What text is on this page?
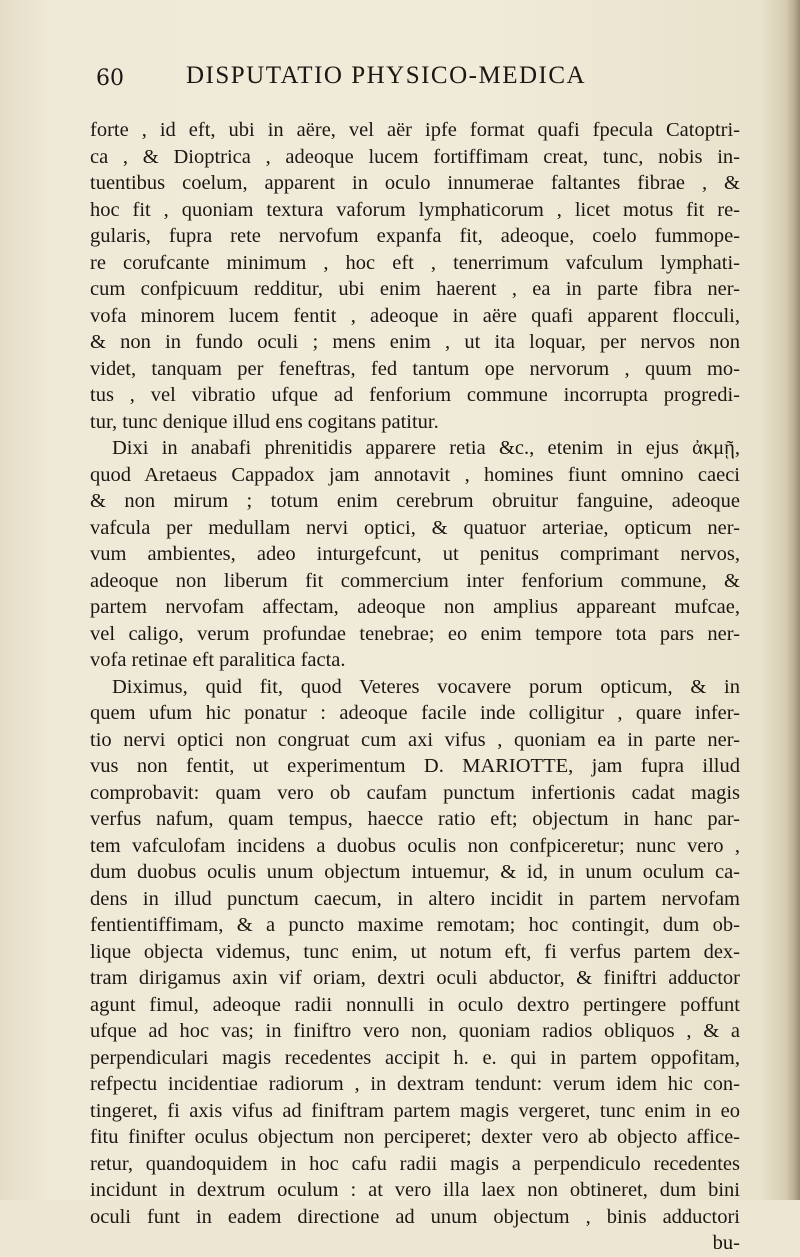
60 DISPUTATIO PHYSICO-MEDICA
forte , id eft, ubi in aëre, vel aër ipfe format quafi fpecula Catoptri-
ca , & Dioptrica , adeoque lucem fortiffimam creat, tunc, nobis in-
tuentibus coelum, apparent in oculo innumerae faltantes fibrae , &
hoc fit , quoniam textura vaforum lymphaticorum , licet motus fit re-
gularis, fupra rete nervofum expanfa fit, adeoque, coelo fummope-
re corufcante minimum , hoc eft , tenerrimum vafculum lymphati-
cum confpicuum redditur, ubi enim haerent , ea in parte fibra ner-
vofa minorem lucem fentit , adeoque in aëre quafi apparent flocculi,
& non in fundo oculi ; mens enim , ut ita loquar, per nervos non
videt, tanquam per feneftras, fed tantum ope nervorum , quum mo-
tus , vel vibratio ufque ad fenforium commune incorrupta progredi-
tur, tunc denique illud ens cogitans patitur.
Dixi in anabafi phrenitidis apparere retia &c., etenim in ejus ἀκμῇ,
quod Aretaeus Cappadox jam annotavit , homines fiunt omnino caeci
& non mirum ; totum enim cerebrum obruitur fanguine, adeoque
vafcula per medullam nervi optici, & quatuor arteriae, opticum ner-
vum ambientes, adeo inturgefcunt, ut penitus comprimant nervos,
adeoque non liberum fit commercium inter fenforium commune, &
partem nervofam affectam, adeoque non amplius appareant mufcae,
vel caligo, verum profundae tenebrae; eo enim tempore tota pars ner-
vofa retinae eft paralitica facta.
Diximus, quid fit, quod Veteres vocavere porum opticum, & in
quem ufum hic ponatur : adeoque facile inde colligitur , quare infer-
tio nervi optici non congruat cum axi vifus , quoniam ea in parte ner-
vus non fentit, ut experimentum D. MARIOTTE, jam fupra illud
comprobavit: quam vero ob caufam punctum infertionis cadat magis
verfus nafum, quam tempus, haecce ratio eft; objectum in hanc par-
tem vafculofam incidens a duobus oculis non confpiceretur; nunc vero ,
dum duobus oculis unum objectum intuemur, & id, in unum oculum ca-
dens in illud punctum caecum, in altero incidit in partem nervofam
fentientiffimam, & a puncto maxime remotam; hoc contingit, dum ob-
lique objecta videmus, tunc enim, ut notum eft, fi verfus partem dex-
tram dirigamus axin vif oriam, dextri oculi abductor, & finiftri adductor
agunt fimul, adeoque radii nonnulli in oculo dextro pertingere poffunt
ufque ad hoc vas; in finiftro vero non, quoniam radios obliquos , & a
perpendiculari magis recedentes accipit h. e. qui in partem oppofitam,
refpectu incidentiae radiorum , in dextram tendunt: verum idem hic con-
tingeret, fi axis vifus ad finiftram partem magis vergeret, tunc enim in eo
fitu finifter oculus objectum non perciperet; dexter vero ab objecto affice-
retur, quandoquidem in hoc cafu radii magis a perpendiculo recedentes
incidunt in dextrum oculum : at vero illa laex non obtineret, dum bini
oculi funt in eadem directione ad unum objectum , binis adductori
bu-
